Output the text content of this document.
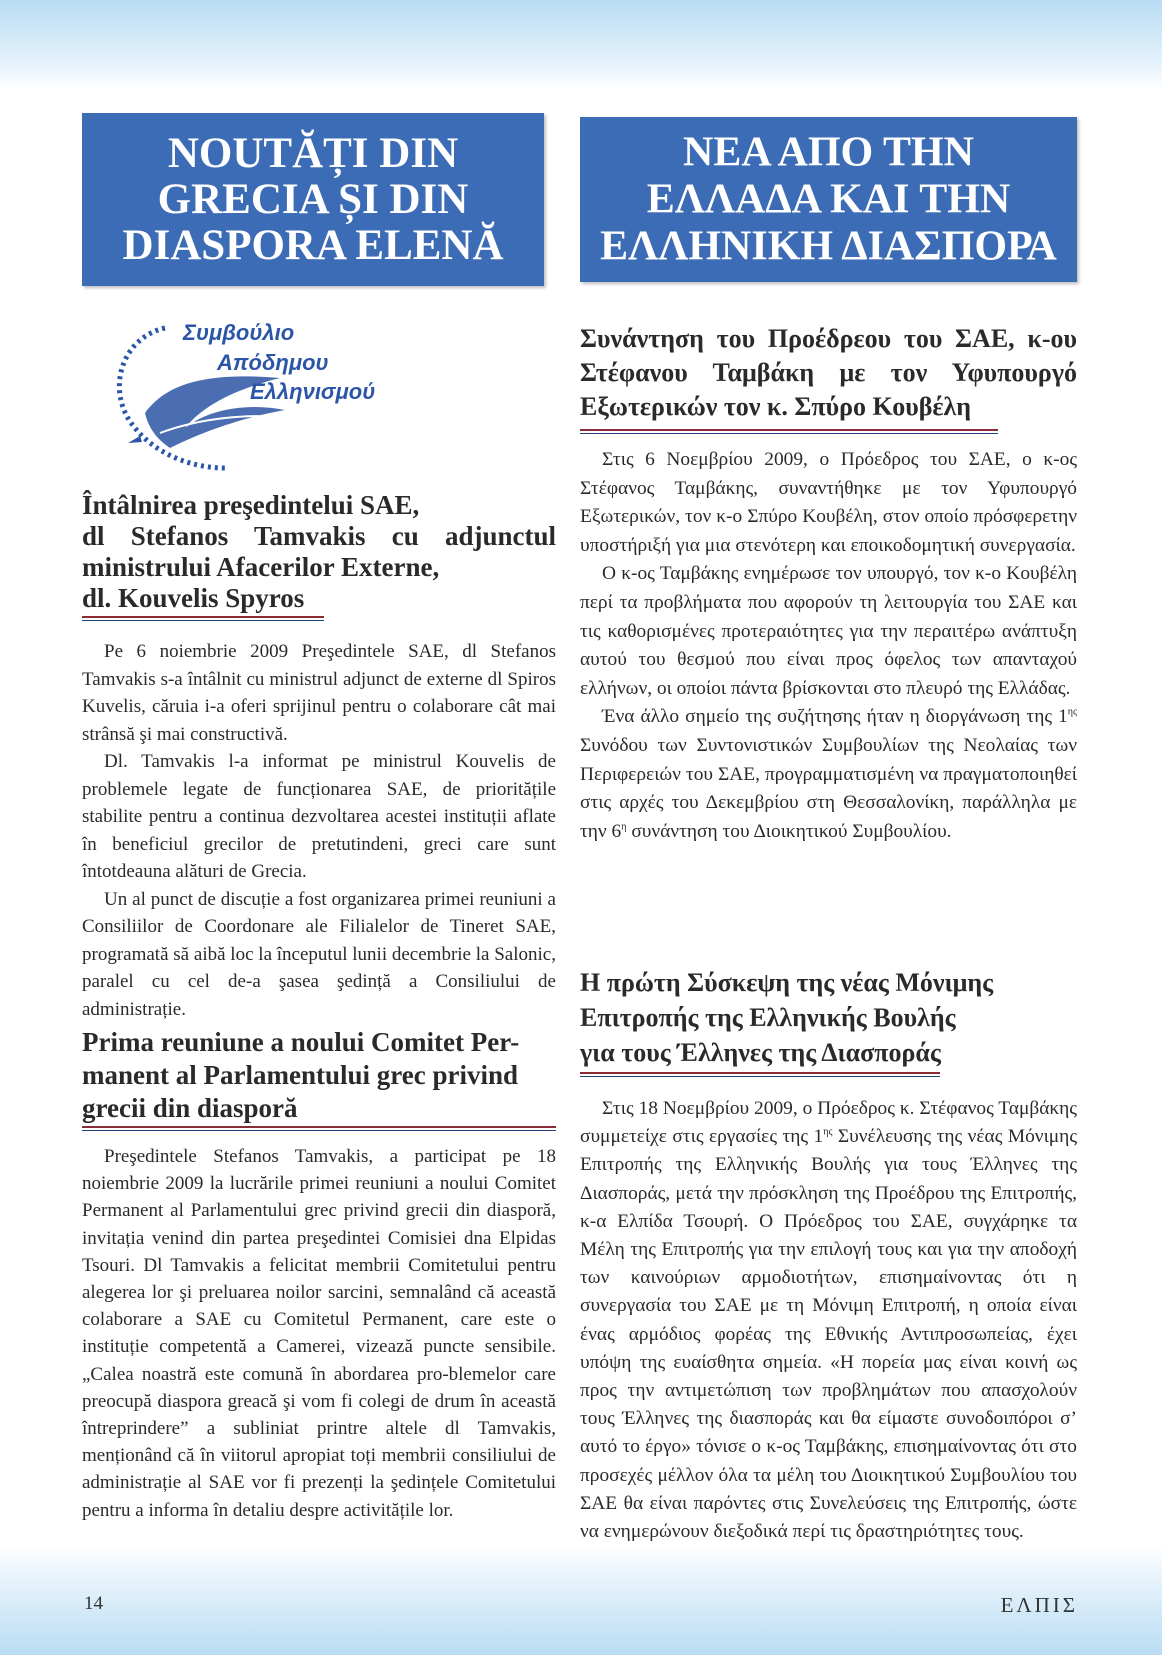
NOUTĂȚI DIN
GRECIA ȘI DIN
DIASPORA ELENĂ
ΝΕΑ ΑΠΟ ΤΗΝ
ΕΛΛΑΔΑ ΚΑΙ ΤΗΝ
ΕΛΛΗΝΙΚΗ ΔΙΑΣΠΟΡΑ
Συμβούλιο
Απόδημου
Ελληνισμού
Întâlnirea preşedintelui SAE,
dl Stefanos Tamvakis cu adjunctul
ministrului Afacerilor Externe,
dl. Kouvelis Spyros

Pe 6 noiembrie 2009 Preşedintele SAE, dl Stefanos Tamvakis s-a întâlnit cu ministrul adjunct de externe dl Spiros Kuvelis, căruia i-a oferi sprijinul pentru o colaborare cât mai strânsă şi mai constructivă.

Dl. Tamvakis l-a informat pe ministrul Kouvelis de problemele legate de funcționarea SAE, de prioritățile stabilite pentru a continua dezvoltarea acestei instituții aflate în beneficiul grecilor de pretutindeni, greci care sunt întotdeauna alături de Grecia.

Un al punct de discuție a fost organizarea primei reuniuni a Consiliilor de Coordonare ale Filialelor de Tineret SAE, programată să aibă loc la începutul lunii decembrie la Salonic, paralel cu cel de-a şasea şedință a Consiliului de administrație.

Prima reuniune a noului Comitet Per-
manent al Parlamentului grec privind
grecii din diasporă

Preşedintele Stefanos Tamvakis, a participat pe 18 noiembrie 2009 la lucrările primei reuniuni a noului Comitet Permanent al Parlamentului grec privind grecii din diasporă, invitația venind din partea preşedintei Comisiei dna Elpidas Tsouri. Dl Tamvakis a felicitat membrii Comitetului pentru alegerea lor şi preluarea noilor sarcini, semnalând că această colaborare a SAE cu Comitetul Permanent, care este o instituție competentă a Camerei, vizează puncte sensibile. „Calea noastră este comună în abordarea pro-blemelor care preocupă diaspora greacă şi vom fi colegi de drum în această întreprindere” a subliniat printre altele dl Tamvakis, menționând că în viitorul apropiat toți membrii consiliului de administrație al SAE vor fi prezenți la şedințele Comitetului pentru a informa în detaliu despre activitățile lor.

Συνάντηση του Προέδρεου του ΣΑΕ, κ-ου
Στέφανου Ταμβάκη με τον Υφυπουργό
Εξωτερικών τον κ. Σπύρο Κουβέλη

Στις 6 Νοεμβρίου 2009, ο Πρόεδρος του ΣΑΕ, ο κ-ος Στέφανος Ταμβάκης, συναντήθηκε με τον Υφυπουργό Εξωτερικών, τον κ-ο Σπύρο Κουβέλη, στον οποίο πρόσφερετην υποστήριξή για μια στενότερη και εποικοδομητική συνεργασία.

Ο κ-ος Ταμβάκης ενημέρωσε τον υπουργό, τον κ-ο Κουβέλη περί τα προβλήματα που αφορούν τη λειτουργία του ΣΑΕ και τις καθορισμένες προτεραιότητες για την περαιτέρω ανάπτυξη αυτού του θεσμού που είναι προς όφελος των απανταχού ελλήνων, οι οποίοι πάντα βρίσκονται στο πλευρό της Ελλάδας.

Ένα άλλο σημείο της συζήτησης ήταν η διοργάνωση της $1^{\eta\varsigma}$ Συνόδου των Συντονιστικών Συμβουλίων της Νεολαίας των Περιφερειών του ΣΑΕ, προγραμματισμένη να πραγματοποιηθεί στις αρχές του Δεκεμβρίου στη Θεσσαλονίκη, παράλληλα με την $6^\eta$ συνάντηση του Διοικητικού Συμβουλίου.

Η πρώτη Σύσκεψη της νέας Μόνιμης
Επιτροπής της Ελληνικής Βουλής
για τους Έλληνες της Διασποράς

Στις 18 Νοεμβρίου 2009, ο Πρόεδρος κ. Στέφανος Ταμβάκης συμμετείχε στις εργασίες της $1^{\eta\varsigma}$ Συνέλευσης της νέας Μόνιμης Επιτροπής της Ελληνικής Βουλής για τους Έλληνες της Διασποράς, μετά την πρόσκληση της Προέδρου της Επιτροπής, κ-α Ελπίδα Τσουρή. Ο Πρόεδρος του ΣΑΕ, συγχάρηκε τα Μέλη της Επιτροπής για την επιλογή τους και για την αποδοχή των καινούριων αρμοδιοτήτων, επισημαίνοντας ότι η συνεργασία του ΣΑΕ με τη Μόνιμη Επιτροπή, η οποία είναι ένας αρμόδιος φορέας της Εθνικής Αντιπροσωπείας, έχει υπόψη της ευαίσθητα σημεία. «Η πορεία μας είναι κοινή ως προς την αντιμετώπιση των προβλημάτων που απασχολούν τους Έλληνες της διασποράς και θα είμαστε συνοδοιπόροι σ’ αυτό το έργο» τόνισε ο κ-ος Ταμβάκης, επισημαίνοντας ότι στο προσεχές μέλλον όλα τα μέλη του Διοικητικού Συμβουλίου του ΣΑΕ θα είναι παρόντες στις Συνελεύσεις της Επιτροπής, ώστε να ενημερώνουν διεξοδικά περί τις δραστηριότητες τους.

14	ΕΛΠΙΣ
